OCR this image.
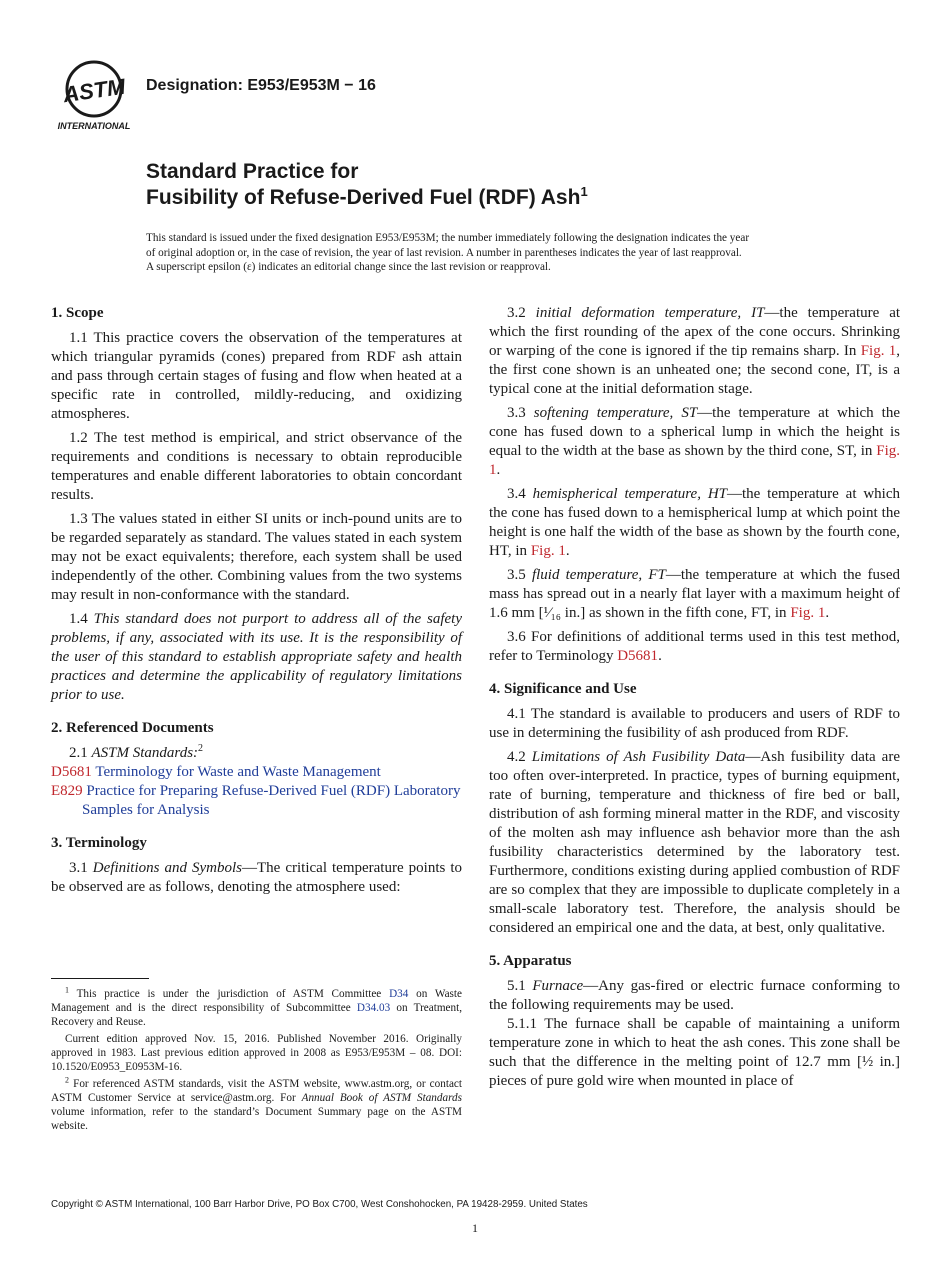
ASTM
INTERNATIONAL
Designation: E953/E953M − 16
Standard Practice for
Fusibility of Refuse-Derived Fuel (RDF) Ash$^1$
This standard is issued under the fixed designation E953/E953M; the number immediately following the designation indicates the year
of original adoption or, in the case of revision, the year of last revision. A number in parentheses indicates the year of last reapproval.
A superscript epsilon (ε) indicates an editorial change since the last revision or reapproval.
1. Scope

1.1 This practice covers the observation of the temperatures at which triangular pyramids (cones) prepared from RDF ash attain and pass through certain stages of fusing and flow when heated at a specific rate in controlled, mildly-reducing, and oxidizing atmospheres.

1.2 The test method is empirical, and strict observance of the requirements and conditions is necessary to obtain reproducible temperatures and enable different laboratories to obtain concordant results.

1.3 The values stated in either SI units or inch-pound units are to be regarded separately as standard. The values stated in each system may not be exact equivalents; therefore, each system shall be used independently of the other. Combining values from the two systems may result in non-conformance with the standard.

1.4 This standard does not purport to address all of the safety problems, if any, associated with its use. It is the responsibility of the user of this standard to establish appropriate safety and health practices and determine the applicability of regulatory limitations prior to use.

2. Referenced Documents

2.1 ASTM Standards:$^2$

D5681 Terminology for Waste and Waste Management

E829 Practice for Preparing Refuse-Derived Fuel (RDF) Laboratory Samples for Analysis

3. Terminology

3.1 Definitions and Symbols—The critical temperature points to be observed are as follows, denoting the atmosphere used:

$^1$ This practice is under the jurisdiction of ASTM Committee D34 on Waste Management and is the direct responsibility of Subcommittee D34.03 on Treatment, Recovery and Reuse.

Current edition approved Nov. 15, 2016. Published November 2016. Originally approved in 1983. Last previous edition approved in 2008 as E953/E953M – 08. DOI: 10.1520/E0953_E0953M-16.

$^2$ For referenced ASTM standards, visit the ASTM website, www.astm.org, or contact ASTM Customer Service at service@astm.org. For Annual Book of ASTM Standards volume information, refer to the standard’s Document Summary page on the ASTM website.

3.2 initial deformation temperature, IT—the temperature at which the first rounding of the apex of the cone occurs. Shrinking or warping of the cone is ignored if the tip remains sharp. In Fig. 1, the first cone shown is an unheated one; the second cone, IT, is a typical cone at the initial deformation stage.

3.3 softening temperature, ST—the temperature at which the cone has fused down to a spherical lump in which the height is equal to the width at the base as shown by the third cone, ST, in Fig. 1.

3.4 hemispherical temperature, HT—the temperature at which the cone has fused down to a hemispherical lump at which point the height is one half the width of the base as shown by the fourth cone, HT, in Fig. 1.

3.5 fluid temperature, FT—the temperature at which the fused mass has spread out in a nearly flat layer with a maximum height of 1.6 mm [¹⁄₁₆ in.] as shown in the fifth cone, FT, in Fig. 1.

3.6 For definitions of additional terms used in this test method, refer to Terminology D5681.

4. Significance and Use

4.1 The standard is available to producers and users of RDF to use in determining the fusibility of ash produced from RDF.

4.2 Limitations of Ash Fusibility Data—Ash fusibility data are too often over-interpreted. In practice, types of burning equipment, rate of burning, temperature and thickness of fire bed or ball, distribution of ash forming mineral matter in the RDF, and viscosity of the molten ash may influence ash behavior more than the ash fusibility characteristics determined by the laboratory test. Furthermore, conditions existing during applied combustion of RDF are so complex that they are impossible to duplicate completely in a small-scale laboratory test. Therefore, the analysis should be considered an empirical one and the data, at best, only qualitative.

5. Apparatus

5.1 Furnace—Any gas-fired or electric furnace conforming to the following requirements may be used.

5.1.1 The furnace shall be capable of maintaining a uniform temperature zone in which to heat the ash cones. This zone shall be such that the difference in the melting point of 12.7 mm [½ in.] pieces of pure gold wire when mounted in place of

Copyright © ASTM International, 100 Barr Harbor Drive, PO Box C700, West Conshohocken, PA 19428-2959. United States
1
